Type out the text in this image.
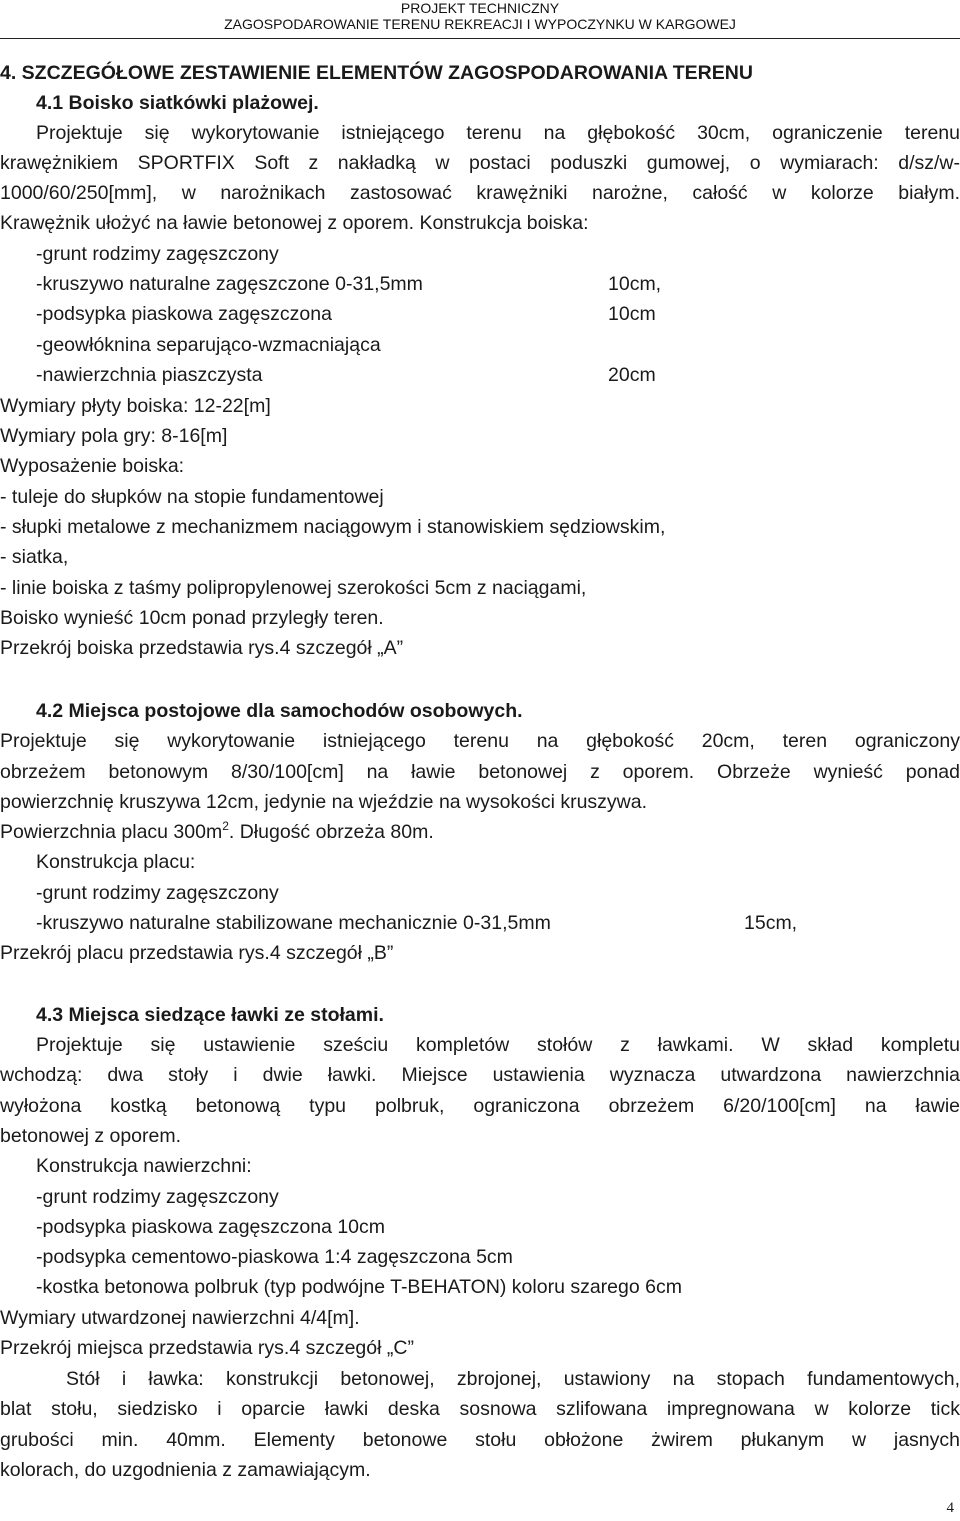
PROJEKT TECHNICZNY
ZAGOSPODAROWANIE TERENU REKREACJI I WYPOCZYNKU W KARGOWEJ
4. SZCZEGÓŁOWE ZESTAWIENIE ELEMENTÓW ZAGOSPODAROWANIA TERENU
4.1 Boisko siatkówki plażowej.
Projektuje się wykorytowanie istniejącego terenu na głębokość 30cm, ograniczenie terenu
krawężnikiem SPORTFIX Soft z nakładką w postaci poduszki gumowej, o wymiarach: d/sz/w-
1000/60/250[mm], w narożnikach zastosować krawężniki narożne, całość w kolorze białym.
Krawężnik ułożyć na ławie betonowej z oporem. Konstrukcja boiska:
-grunt rodzimy zagęszczony
-kruszywo naturalne zagęszczone 0-31,5mm	10cm,
-podsypka piaskowa zagęszczona	10cm
-geowłóknina separująco-wzmacniająca
-nawierzchnia piaszczysta	20cm
Wymiary płyty boiska: 12-22[m]
Wymiary pola gry: 8-16[m]
Wyposażenie boiska:
- tuleje do słupków na stopie fundamentowej
- słupki metalowe z mechanizmem naciągowym i stanowiskiem sędziowskim,
- siatka,
- linie boiska z taśmy polipropylenowej szerokości 5cm z naciągami,
Boisko wynieść 10cm ponad przyległy teren.
Przekrój boiska przedstawia rys.4 szczegół „A”
4.2 Miejsca postojowe dla samochodów osobowych.
Projektuje się wykorytowanie istniejącego terenu na głębokość 20cm, teren ograniczony
obrzeżem betonowym 8/30/100[cm] na ławie betonowej z oporem. Obrzeże wynieść ponad
powierzchnię kruszywa 12cm, jedynie na wjeździe na wysokości kruszywa.
Powierzchnia placu $300m^2$. Długość obrzeża 80m.
Konstrukcja placu:
-grunt rodzimy zagęszczony
-kruszywo naturalne stabilizowane mechanicznie 0-31,5mm	15cm,
Przekrój placu przedstawia rys.4 szczegół „B”
4.3 Miejsca siedzące ławki ze stołami.
Projektuje się ustawienie sześciu kompletów stołów z ławkami. W skład kompletu
wchodzą: dwa stoły i dwie ławki. Miejsce ustawienia wyznacza utwardzona nawierzchnia
wyłożona kostką betonową typu polbruk, ograniczona obrzeżem 6/20/100[cm] na ławie
betonowej z oporem.
Konstrukcja nawierzchni:
-grunt rodzimy zagęszczony
-podsypka piaskowa zagęszczona 10cm
-podsypka cementowo-piaskowa 1:4 zagęszczona 5cm
-kostka betonowa polbruk (typ podwójne T-BEHATON) koloru szarego 6cm
Wymiary utwardzonej nawierzchni 4/4[m].
Przekrój miejsca przedstawia rys.4 szczegół „C”
Stół i ławka: konstrukcji betonowej, zbrojonej, ustawiony na stopach fundamentowych,
blat stołu, siedzisko i oparcie ławki deska sosnowa szlifowana impregnowana w kolorze tick
grubości min. 40mm. Elementy betonowe stołu obłożone żwirem płukanym w jasnych
kolorach, do uzgodnienia z zamawiającym.
4
